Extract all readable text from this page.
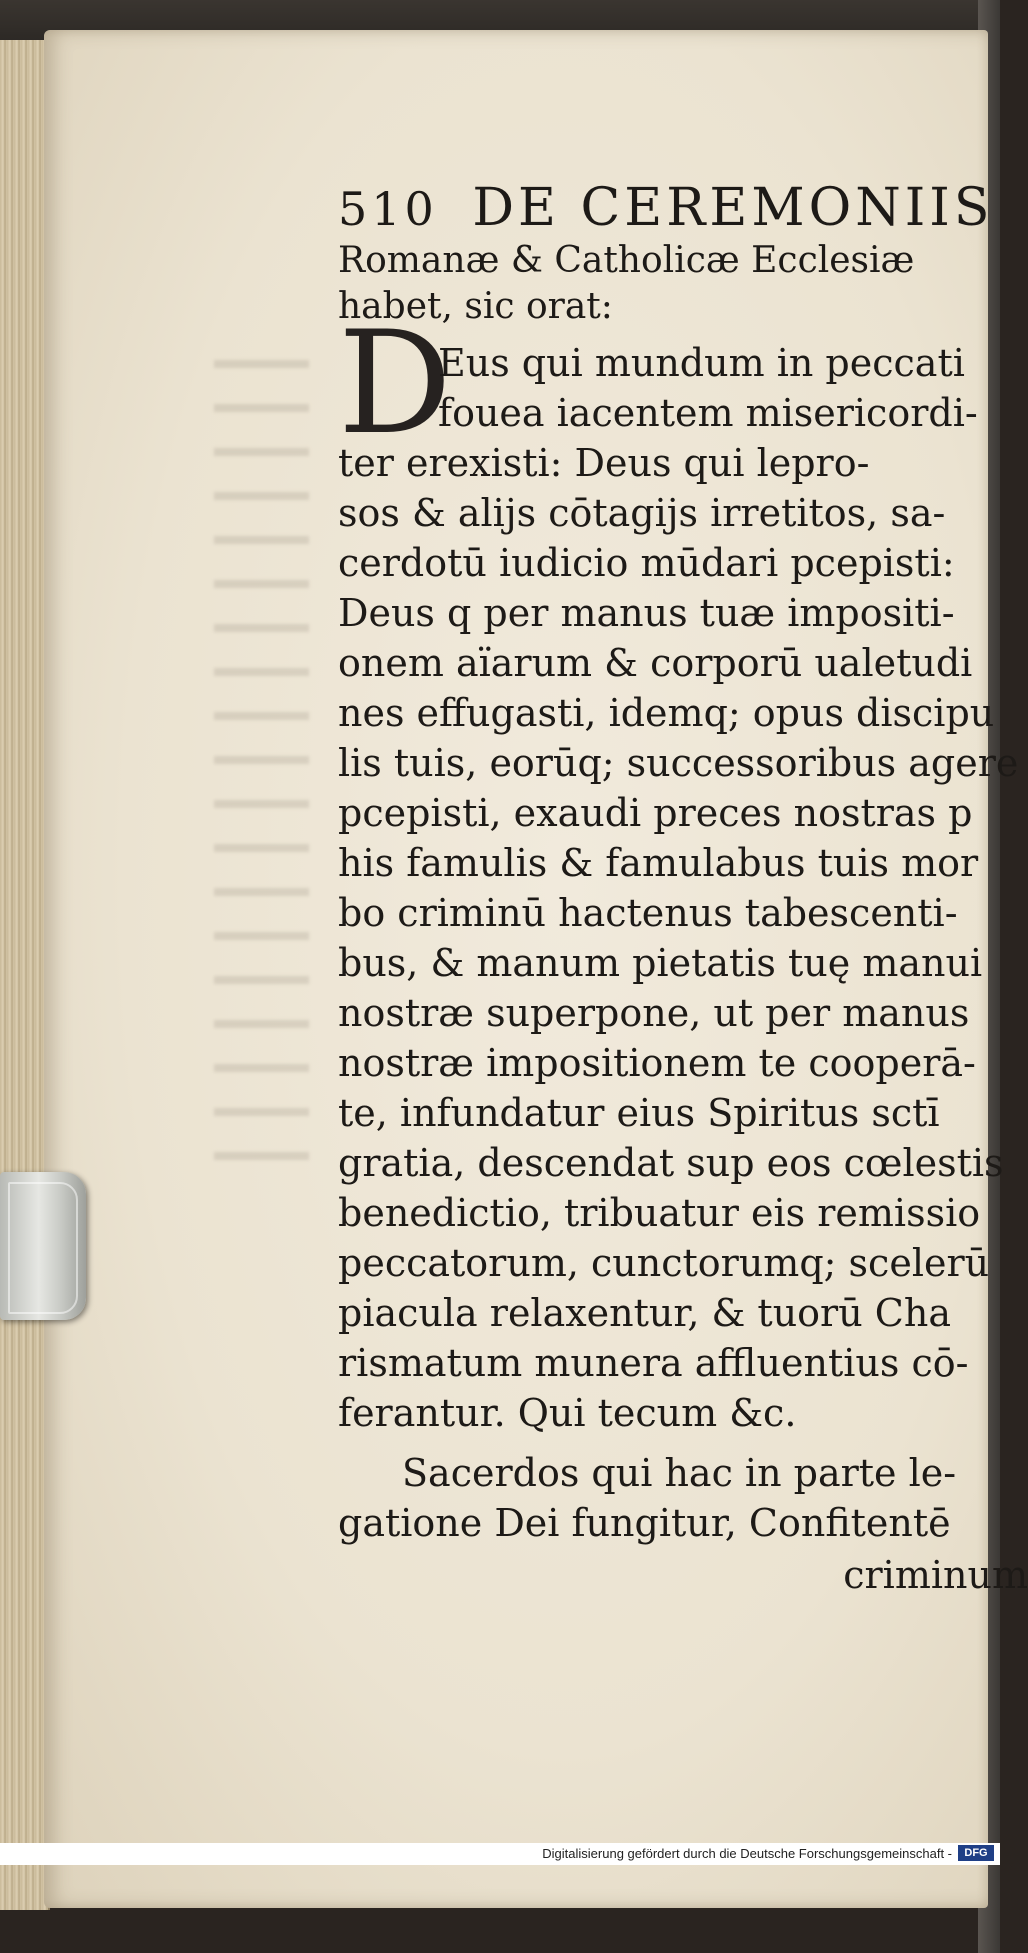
510 DE CEREMONIIS
Romanæ & Catholicæ Ecclesiæ
habet, sic orat:
D
Eus qui mundum in peccati
fouea iacentem misericordi-
ter erexisti: Deus qui lepro-
sos & alijs cōtagijs irretitos, sa-
cerdotū iudicio mūdari pcepisti:
Deus q per manus tuæ impositi-
onem aïarum & corporū ualetudi
nes effugasti, idemq; opus discipu
lis tuis, eorūq; successoribus agere
pcepisti, exaudi preces nostras p
his famulis & famulabus tuis mor
bo criminū hactenus tabescenti-
bus, & manum pietatis tuę manui
nostræ superpone, ut per manus
nostræ impositionem te cooperā-
te, infundatur eius Spiritus sctī
gratia, descendat sup eos cœlestis
benedictio, tribuatur eis remissio
peccatorum, cunctorumq; scelerū
piacula relaxentur, & tuorū Cha
rismatum munera affluentius cō-
ferantur. Qui tecum &c.
Sacerdos qui hac in parte le-
gatione Dei fungitur, Confitentē
criminum
Digitalisierung gefördert durch die Deutsche Forschungsgemeinschaft -	DFG
